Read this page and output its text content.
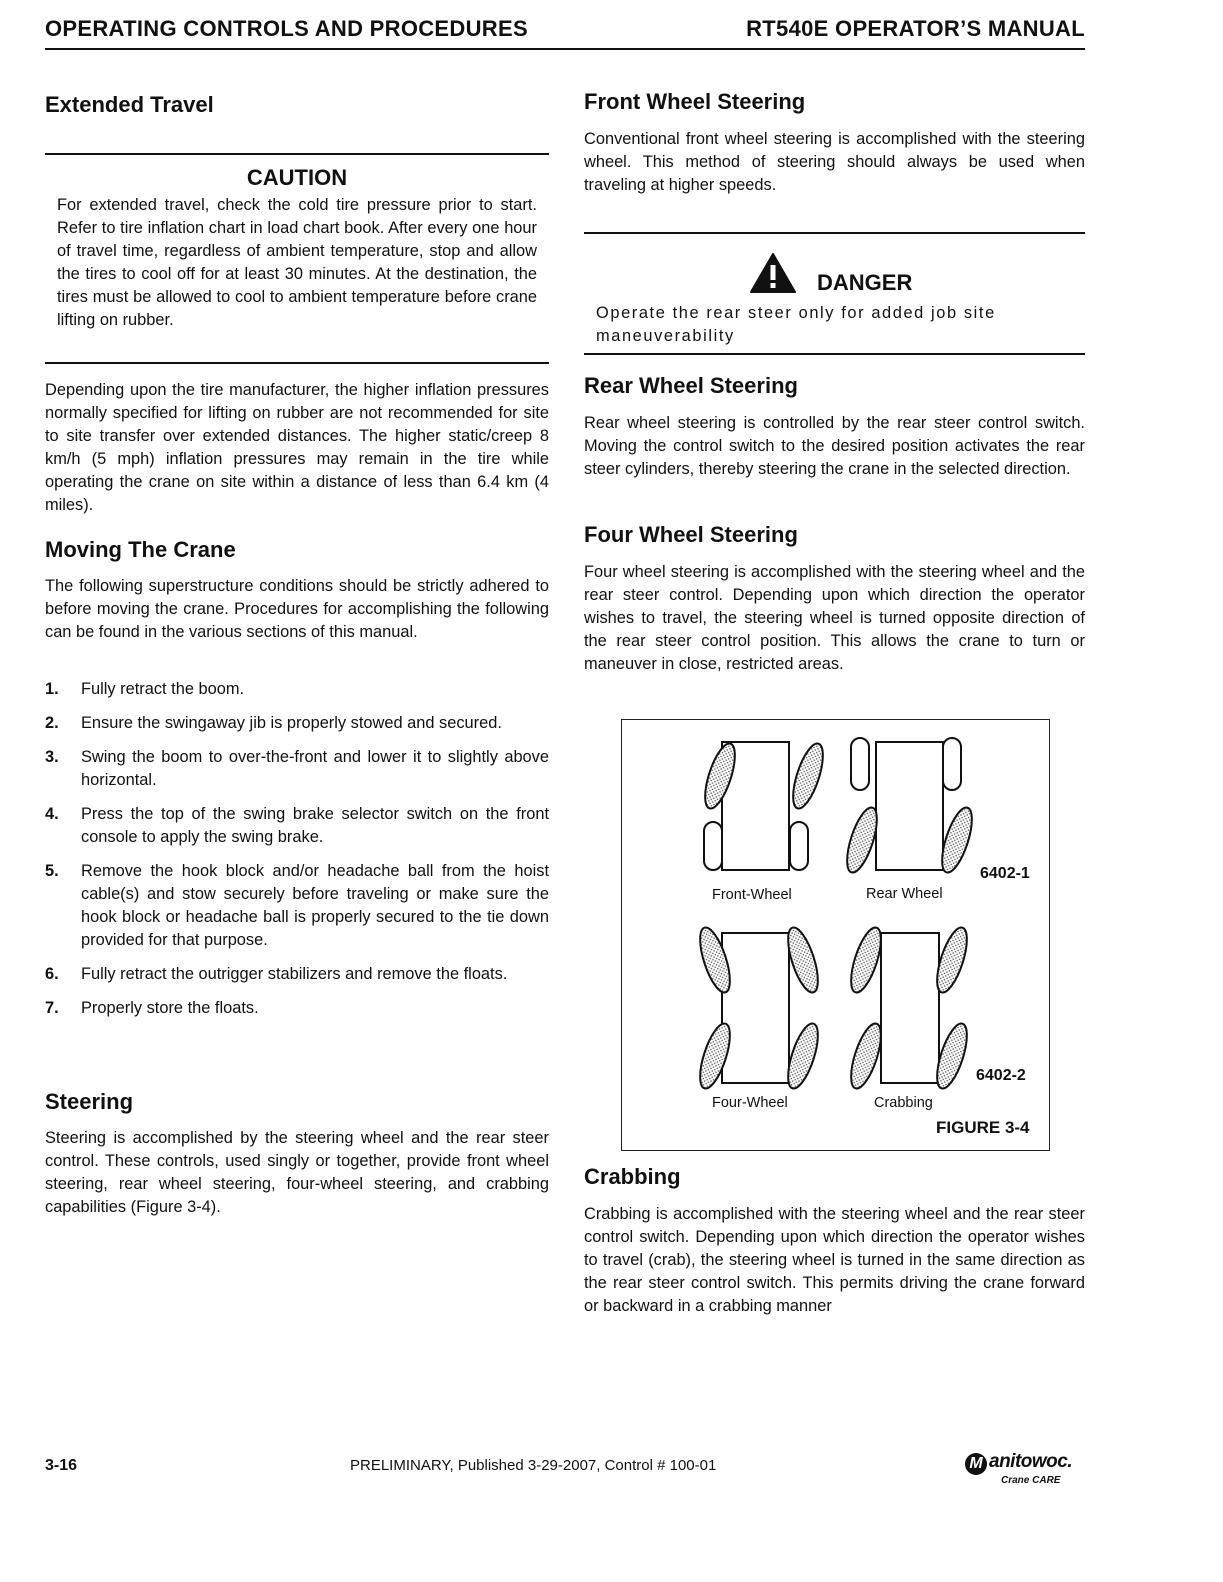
OPERATING CONTROLS AND PROCEDURES	RT540E OPERATOR’S MANUAL
Extended Travel
CAUTION

For extended travel, check the cold tire pressure prior to start. Refer to tire inflation chart in load chart book. After every one hour of travel time, regardless of ambient temperature, stop and allow the tires to cool off for at least 30 minutes. At the destination, the tires must be allowed to cool to ambient temperature before crane lifting on rubber.

Depending upon the tire manufacturer, the higher inflation pressures normally specified for lifting on rubber are not recommended for site to site transfer over extended distances. The higher static/creep 8 km/h (5 mph) inflation pressures may remain in the tire while operating the crane on site within a distance of less than 6.4 km (4 miles).

Moving The Crane

The following superstructure conditions should be strictly adhered to before moving the crane. Procedures for accomplishing the following can be found in the various sections of this manual.

1. Fully retract the boom.
2. Ensure the swingaway jib is properly stowed and secured.
3. Swing the boom to over-the-front and lower it to slightly above horizontal.
4. Press the top of the swing brake selector switch on the front console to apply the swing brake.
5. Remove the hook block and/or headache ball from the hoist cable(s) and stow securely before traveling or make sure the hook block or headache ball is properly secured to the tie down provided for that purpose.
6. Fully retract the outrigger stabilizers and remove the floats.
7. Properly store the floats.
Steering

Steering is accomplished by the steering wheel and the rear steer control. These controls, used singly or together, provide front wheel steering, rear wheel steering, four-wheel steering, and crabbing capabilities (Figure 3-4).

Front Wheel Steering

Conventional front wheel steering is accomplished with the steering wheel. This method of steering should always be used when traveling at higher speeds.

DANGER

Operate the rear steer only for added job site maneuverability

Rear Wheel Steering

Rear wheel steering is controlled by the rear steer control switch. Moving the control switch to the desired position activates the rear steer cylinders, thereby steering the crane in the selected direction.

Four Wheel Steering

Four wheel steering is accomplished with the steering wheel and the rear steer control. Depending upon which direction the operator wishes to travel, the steering wheel is turned opposite direction of the rear steer control position. This allows the crane to turn or maneuver in close, restricted areas.

Front-Wheel	Rear Wheel
6402-1
Four-Wheel	Crabbing
6402-2
FIGURE 3-4
Crabbing

Crabbing is accomplished with the steering wheel and the rear steer control switch. Depending upon which direction the operator wishes to travel (crab), the steering wheel is turned in the same direction as the rear steer control switch. This permits driving the crane forward or backward in a crabbing manner

3-16	PRELIMINARY, Published 3-29-2007, Control # 100-01	M anitowoc.
Crane CARE
